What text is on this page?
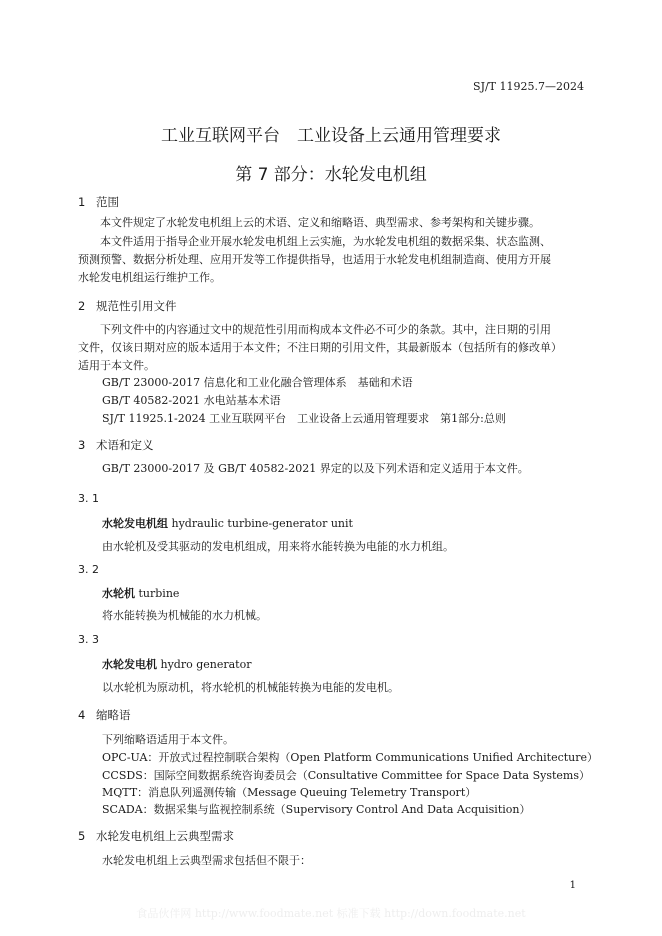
SJ/T 11925.7—2024
工业互联网平台　工业设备上云通用管理要求
第 7 部分：水轮发电机组
1 范围
本文件规定了水轮发电机组上云的术语、定义和缩略语、典型需求、参考架构和关键步骤。
本文件适用于指导企业开展水轮发电机组上云实施，为水轮发电机组的数据采集、状态监测、
预测预警、数据分析处理、应用开发等工作提供指导，也适用于水轮发电机组制造商、使用方开展
水轮发电机组运行维护工作。
2 规范性引用文件
下列文件中的内容通过文中的规范性引用而构成本文件必不可少的条款。其中，注日期的引用
文件，仅该日期对应的版本适用于本文件；不注日期的引用文件，其最新版本（包括所有的修改单）
适用于本文件。
GB/T 23000-2017 信息化和工业化融合管理体系　基础和术语
GB/T 40582-2021 水电站基本术语
SJ/T 11925.1-2024 工业互联网平台　工业设备上云通用管理要求　第1部分:总则
3 术语和定义
GB/T 23000-2017 及 GB/T 40582-2021 界定的以及下列术语和定义适用于本文件。
3. 1
水轮发电机组 hydraulic turbine-generator unit
由水轮机及受其驱动的发电机组成，用来将水能转换为电能的水力机组。
3. 2
水轮机 turbine
将水能转换为机械能的水力机械。
3. 3
水轮发电机 hydro generator
以水轮机为原动机，将水轮机的机械能转换为电能的发电机。
4 缩略语
下列缩略语适用于本文件。
OPC-UA：开放式过程控制联合架构（Open Platform Communications Unified Architecture）
CCSDS：国际空间数据系统咨询委员会（Consultative Committee for Space Data Systems）
MQTT：消息队列遥测传输（Message Queuing Telemetry Transport）
SCADA：数据采集与监视控制系统（Supervisory Control And Data Acquisition）
5 水轮发电机组上云典型需求
水轮发电机组上云典型需求包括但不限于：
1
食品伙伴网 http://www.foodmate.net 标准下载 http://down.foodmate.net
